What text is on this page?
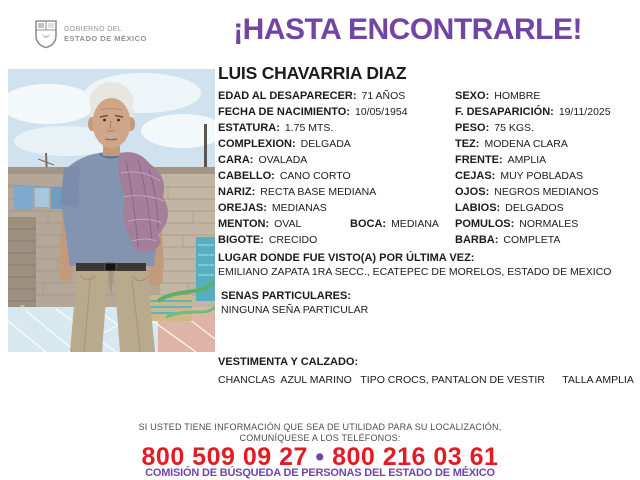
GOBIERNO DEL
ESTADO DE MÉXICO	¡HASTA ENCONTRARLE!
LUIS CHAVARRIA DIAZ
EDAD AL DESAPARECER: 71 AÑOS
FECHA DE NACIMIENTO: 10/05/1954
ESTATURA: 1.75 MTS.
COMPLEXION: DELGADA
CARA: OVALADA
CABELLO: CANO CORTO
NARIZ: RECTA BASE MEDIANA
OREJAS: MEDIANAS
MENTON: OVAL
BIGOTE: CRECIDO
BOCA: MEDIANA
SEXO: HOMBRE
F. DESAPARICIÓN: 19/11/2025
PESO: 75 KGS.
TEZ: MODENA CLARA
FRENTE: AMPLIA
CEJAS: MUY POBLADAS
OJOS: NEGROS MEDIANOS
LABIOS: DELGADOS
POMULOS: NORMALES
BARBA: COMPLETA
LUGAR DONDE FUE VISTO(A) POR ÚLTIMA VEZ:
EMILIANO ZAPATA 1RA SECC., ECATEPEC DE MORELOS, ESTADO DE MEXICO
SENAS PARTICULARES:
NINGUNA SEÑA PARTICULAR
VESTIMENTA Y CALZADO:
CHANCLAS  AZUL MARINO   TIPO CROCS, PANTALON DE VESTIR      TALLA AMPLIA
SI USTED TIENE INFORMACIÓN QUE SEA DE UTILIDAD PARA SU LOCALIZACIÓN,
COMUNÍQUESE A LOS TELÉFONOS:
800 509 09 27 • 800 216 03 61
COMISIÓN DE BÚSQUEDA DE PERSONAS DEL ESTADO DE MÉXICO
